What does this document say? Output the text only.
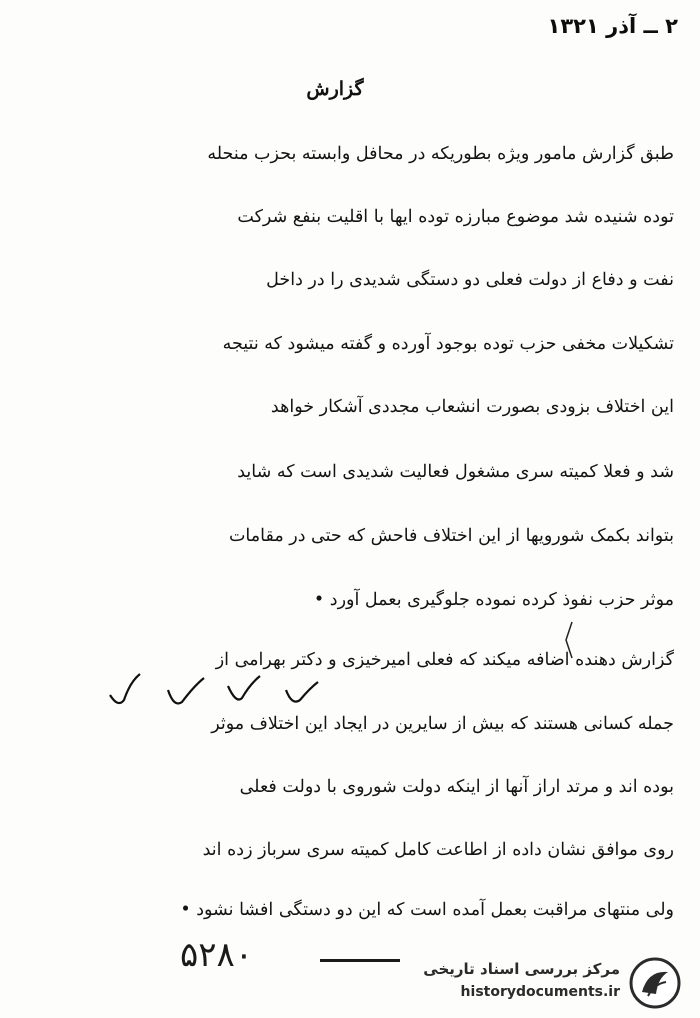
۲ ــ آذر ۱۳۲۱
گزارش
طبق گزارش مامور ویژه بطوریکه در محافل وابسته بحزب منحله
توده شنیده شد موضوع مبارزه توده ایها با اقلیت بنفع شرکت
نفت و دفاع از دولت فعلی دو دستگی شدیدی را در داخل
تشکیلات مخفی حزب توده بوجود آورده و گفته میشود که نتیجه
این اختلاف بزودی بصورت انشعاب مجددی آشکار خواهد
شد و فعلا کمیته سری مشغول فعالیت شدیدی است که شاید
بتواند بکمک شورویها از این اختلاف فاحش که حتی در مقامات
موثر حزب نفوذ کرده نموده جلوگیری بعمل آورد •
گزارش دهنده اضافه میکند که فعلی امیرخیزی و دکتر بهرامی از
جمله کسانی هستند که بیش از سایرین در ایجاد این اختلاف موثر
بوده اند و مرتد اراز آنها از اینکه دولت شوروی با دولت فعلی
روی موافق نشان داده از اطاعت کامل کمیته سری سرباز زده اند
ولی منتهای مراقبت بعمل آمده است که این دو دستگی افشا نشود •
۵۲۸۰	مرکز بررسی اسناد تاریخی
historydocuments.ir
